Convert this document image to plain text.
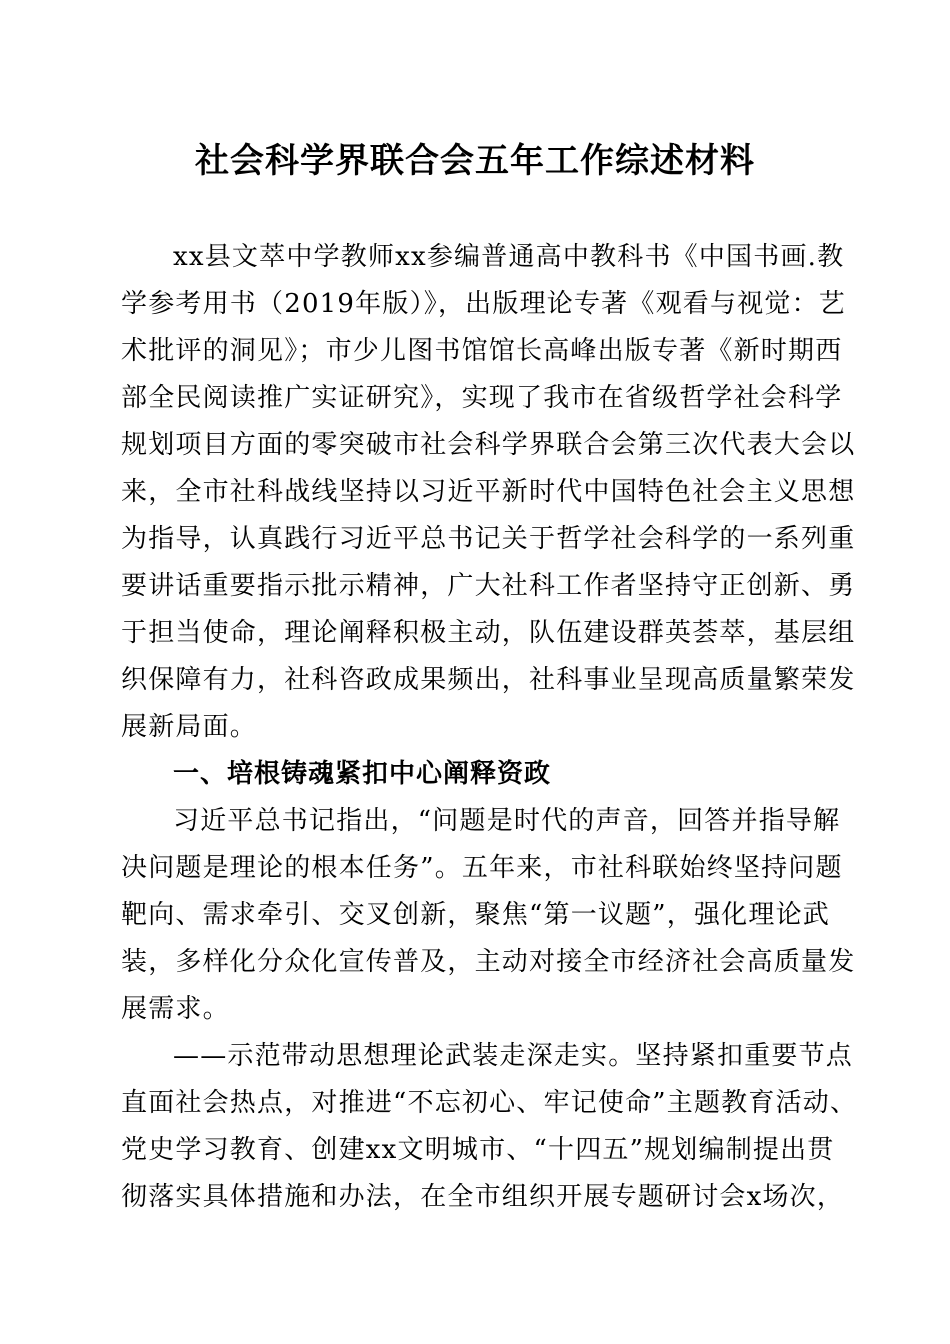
社会科学界联合会五年工作综述材料
xx县文萃中学教师xx参编普通高中教科书《中国书画.教
学参考用书（2019年版）》，出版理论专著《观看与视觉：艺
术批评的洞见》；市少儿图书馆馆长高峰出版专著《新时期西
部全民阅读推广实证研究》，实现了我市在省级哲学社会科学
规划项目方面的零突破市社会科学界联合会第三次代表大会以
来，全市社科战线坚持以习近平新时代中国特色社会主义思想
为指导，认真践行习近平总书记关于哲学社会科学的一系列重
要讲话重要指示批示精神，广大社科工作者坚持守正创新、勇
于担当使命，理论阐释积极主动，队伍建设群英荟萃，基层组
织保障有力，社科咨政成果频出，社科事业呈现高质量繁荣发
展新局面。
一、培根铸魂紧扣中心阐释资政
习近平总书记指出，“问题是时代的声音，回答并指导解
决问题是理论的根本任务”。五年来，市社科联始终坚持问题
靶向、需求牵引、交叉创新，聚焦“第一议题”，强化理论武
装，多样化分众化宣传普及，主动对接全市经济社会高质量发
展需求。
——示范带动思想理论武装走深走实。坚持紧扣重要节点
直面社会热点，对推进“不忘初心、牢记使命”主题教育活动、
党史学习教育、创建xx文明城市、“十四五”规划编制提出贯
彻落实具体措施和办法，在全市组织开展专题研讨会x场次，
